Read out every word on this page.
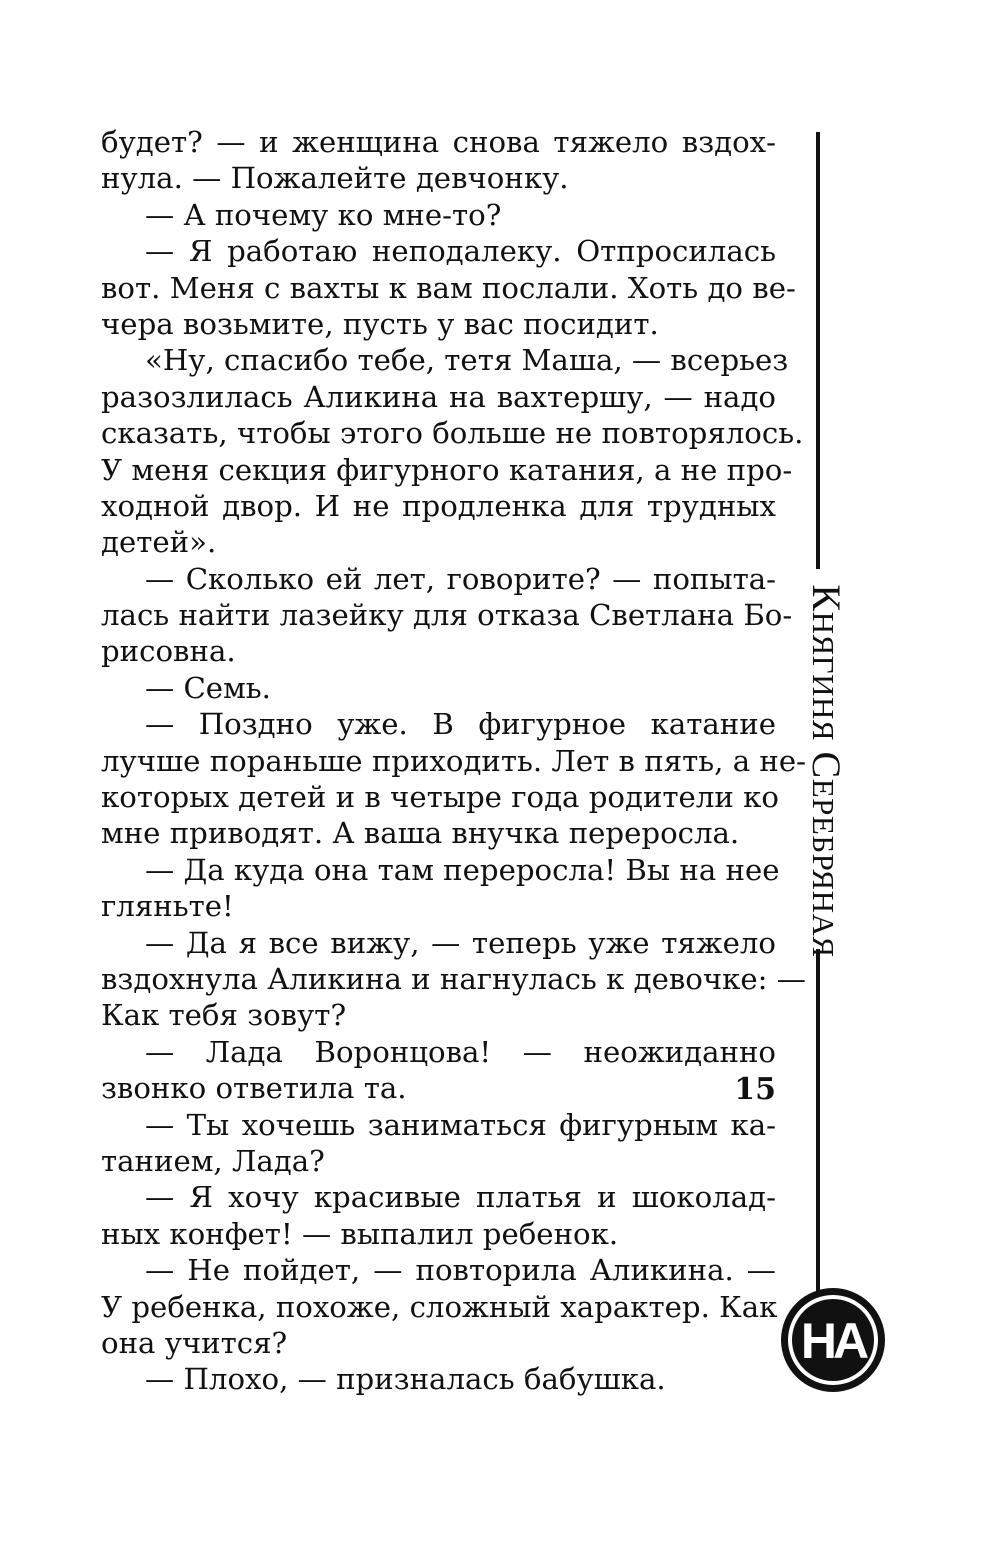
будет? — и женщина снова тяжело вздох-
нула. — Пожалейте девчонку.
— А почему ко мне-то?
— Я работаю неподалеку. Отпросилась
вот. Меня с вахты к вам послали. Хоть до ве-
чера возьмите, пусть у вас посидит.
«Ну, спасибо тебе, тетя Маша, — всерьез
разозлилась Аликина на вахтершу, — надо
сказать, чтобы этого больше не повторялось.
У меня секция фигурного катания, а не про-
ходной двор. И не продленка для трудных
детей».
— Сколько ей лет, говорите? — попыта-
лась найти лазейку для отказа Светлана Бо-
рисовна.
— Семь.
— Поздно уже. В фигурное катание
лучше пораньше приходить. Лет в пять, а не-
которых детей и в четыре года родители ко
мне приводят. А ваша внучка переросла.
— Да куда она там переросла! Вы на нее
гляньте!
— Да я все вижу, — теперь уже тяжело
вздохнула Аликина и нагнулась к девочке: —
Как тебя зовут?
— Лада Воронцова! — неожиданно
звонко ответила та.
— Ты хочешь заниматься фигурным ка-
танием, Лада?
— Я хочу красивые платья и шоколад-
ных конфет! — выпалил ребенок.
— Не пойдет, — повторила Аликина. —
У ребенка, похоже, сложный характер. Как
она учится?
— Плохо, — призналась бабушка.
15
КНЯГИНЯ СЕРЕБРЯНАЯ
НА
